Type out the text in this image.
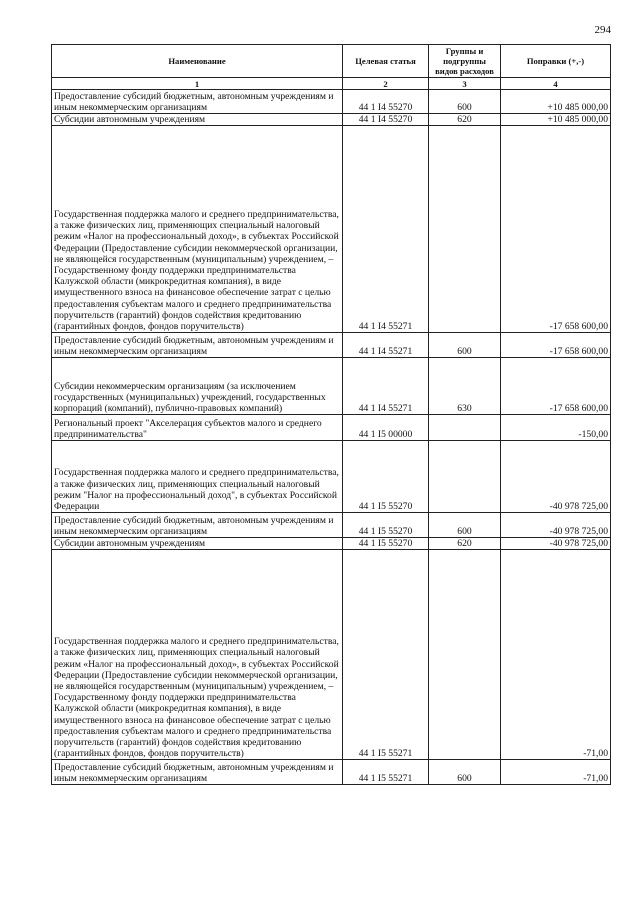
294
Наименование	Целевая статья	Группы и подгруппы видов расходов	Поправки (+,-)
1	2	3	4
Предоставление субсидий бюджетным, автономным учреждениям и иным некоммерческим организациям	44 1 I4 55270	600	+10 485 000,00
Субсидии автономным учреждениям	44 1 I4 55270	620	+10 485 000,00
Государственная поддержка малого и среднего предпринимательства, а также физических лиц, применяющих специальный налоговый режим «Налог на профессиональный доход», в субъектах Российской Федерации (Предоставление субсидии некоммерческой организации, не являющейся государственным (муниципальным) учреждением, – Государственному фонду поддержки предпринимательства Калужской области (микрокредитная компания), в виде имущественного взноса на финансовое обеспечение затрат с целью предоставления субъектам малого и среднего предпринимательства поручительств (гарантий) фондов содействия кредитованию (гарантийных фондов, фондов поручительств)	44 1 I4 55271		-17 658 600,00
Предоставление субсидий бюджетным, автономным учреждениям и иным некоммерческим организациям	44 1 I4 55271	600	-17 658 600,00
Субсидии некоммерческим организациям (за исключением государственных (муниципальных) учреждений, государственных корпораций (компаний), публично-правовых компаний)	44 1 I4 55271	630	-17 658 600,00
Региональный проект "Акселерация субъектов малого и среднего предпринимательства"	44 1 I5 00000		-150,00
Государственная поддержка малого и среднего предпринимательства, а также физических лиц, применяющих специальный налоговый режим "Налог на профессиональный доход", в субъектах Российской Федерации	44 1 I5 55270		-40 978 725,00
Предоставление субсидий бюджетным, автономным учреждениям и иным некоммерческим организациям	44 1 I5 55270	600	-40 978 725,00
Субсидии автономным учреждениям	44 1 I5 55270	620	-40 978 725,00
Государственная поддержка малого и среднего предпринимательства, а также физических лиц, применяющих специальный налоговый режим «Налог на профессиональный доход», в субъектах Российской Федерации (Предоставление субсидии некоммерческой организации, не являющейся государственным (муниципальным) учреждением, – Государственному фонду поддержки предпринимательства Калужской области (микрокредитная компания), в виде имущественного взноса на финансовое обеспечение затрат с целью предоставления субъектам малого и среднего предпринимательства поручительств (гарантий) фондов содействия кредитованию (гарантийных фондов, фондов поручительств)	44 1 I5 55271		-71,00
Предоставление субсидий бюджетным, автономным учреждениям и иным некоммерческим организациям	44 1 I5 55271	600	-71,00
